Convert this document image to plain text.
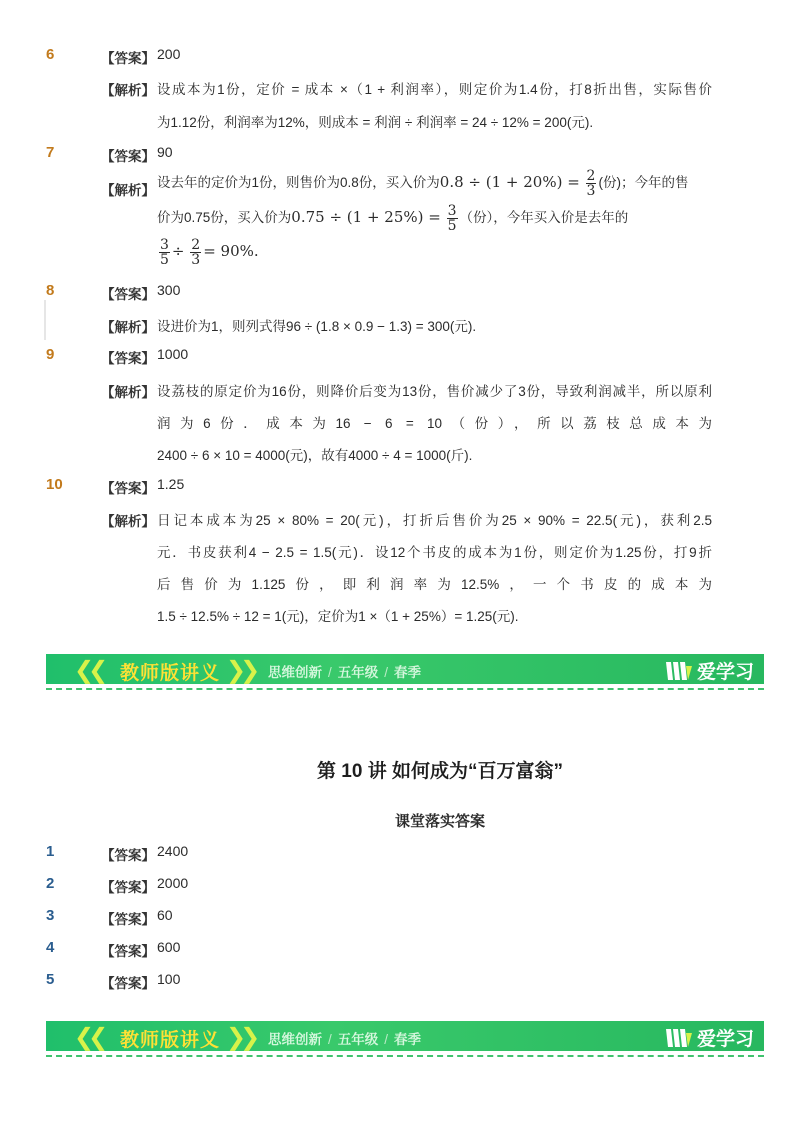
6	【答案】 200
【解析】 设成本为1份，定价 = 成本 ×（1 + 利润率），则定价为1.4份，打8折出售，实际售价
为1.12份，利润率为12%，则成本 = 利润 ÷ 利润率 = 24 ÷ 12% = 200(元).
7	【答案】 90
【解析】
设去年的定价为1份，则售价为0.8份，买入价为$0.8 \div (1 + 20\%) = \frac{2}{3}$ (份)；今年的售
价为0.75份，买入价为$0.75 \div (1 + 25\%) = \frac{3}{5}$ （份），今年买入价是去年的
$\frac{3}{5} \div \frac{2}{3} = 90\%$.
8	【答案】 300
【解析】 设进价为1，则列式得96 ÷ (1.8 × 0.9 − 1.3) = 300(元).
9	【答案】 1000
【解析】 设荔枝的原定价为16份，则降价后变为13份，售价减少了3份，导致利润减半，所以原利
润为6份．成本为16 − 6 = 10（份），所以荔枝总成本为
2400 ÷ 6 × 10 = 4000(元)，故有4000 ÷ 4 = 1000(斤).
10	【答案】 1.25
【解析】 日记本成本为25 × 80% = 20(元)，打折后售价为25 × 90% = 22.5(元)，获利2.5
元．书皮获利4 − 2.5 = 1.5(元)．设12个书皮的成本为1份，则定价为1.25份，打9折
后售价为1.125份，即利润率为12.5%，一个书皮的成本为
1.5 ÷ 12.5% ÷ 12 = 1(元)，定价为1 ×（1 + 25%）= 1.25(元).
❮❮ 教师版讲义 ❯❯ 思维创新 / 五年级 / 春季	爱学习
第 10 讲 如何成为“百万富翁”
课堂落实答案
1	【答案】 2400
2	【答案】 2000
3	【答案】 60
4	【答案】 600
5	【答案】 100
❮❮ 教师版讲义 ❯❯ 思维创新 / 五年级 / 春季	爱学习
